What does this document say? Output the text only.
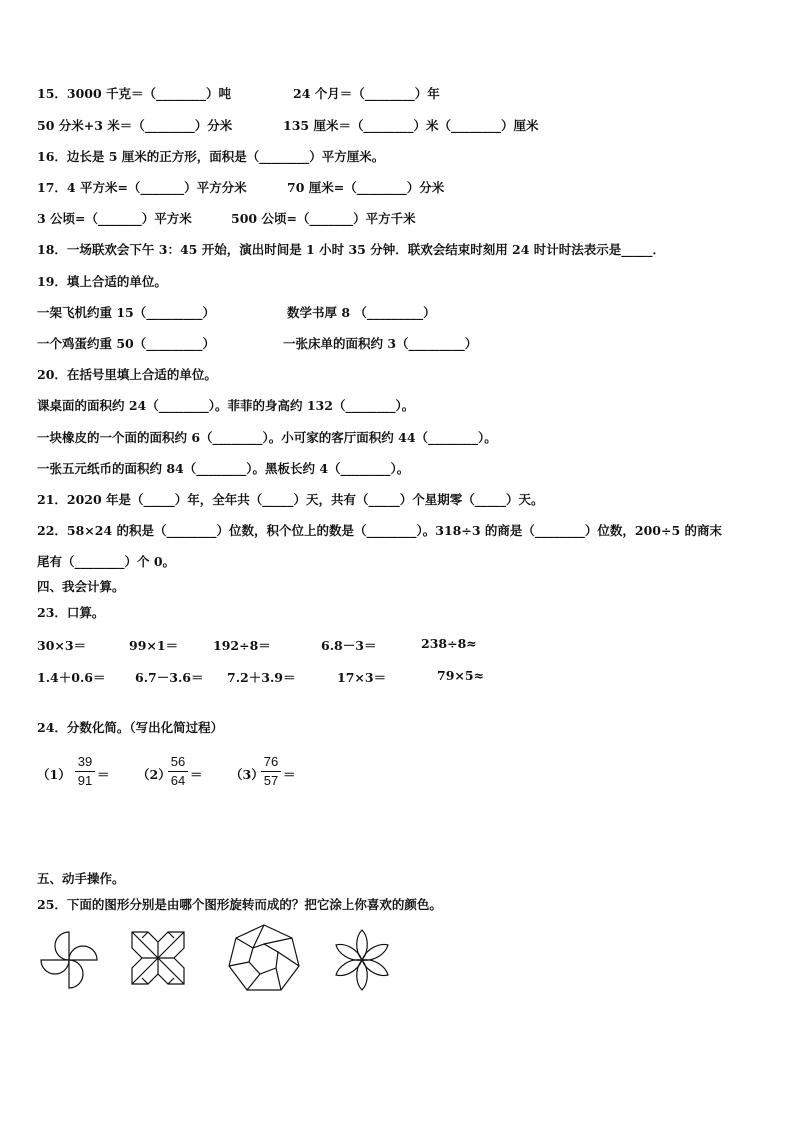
15．3000 千克＝（________）吨	24 个月＝（________）年
50 分米+3 米＝（________）分米	135 厘米＝（________）米（________）厘米
16．边长是 5 厘米的正方形，面积是（________）平方厘米。
17．4 平方米=（_______）平方分米	70 厘米=（________）分米
3 公顷=（_______）平方米	500 公顷=（_______）平方千米
18．一场联欢会下午 3：45 开始，演出时间是 1 小时 35 分钟．联欢会结束时刻用 24 时计时法表示是_____．
19．填上合适的单位。
一架飞机约重 15（_________）	数学书厚 8 （_________）
一个鸡蛋约重 50（_________）	一张床单的面积约 3（_________）
20．在括号里填上合适的单位。
课桌面的面积约 24（________）。菲菲的身高约 132（________）。
一块橡皮的一个面的面积约 6（________）。小可家的客厅面积约 44（________）。
一张五元纸币的面积约 84（________）。黑板长约 4（________）。
21．2020 年是（_____）年，全年共（_____）天，共有（_____）个星期零（_____）天。
22．58×24 的积是（________）位数，积个位上的数是（________）。318÷3 的商是（________）位数，200÷5 的商末
尾有（________）个 0。
四、我会计算。
23．口算。
30×3＝	99×1＝	192÷8＝	6.8－3＝	238÷8≈
1.4＋0.6＝ 6.7－3.6＝ 7.2＋3.9＝	17×3＝	79×5≈
24．分数化简。（写出化简过程）
（1）
39
91 ＝ （2）
56
64 ＝ （3）
76
57 ＝
五、动手操作。
25．下面的图形分别是由哪个图形旋转而成的？把它涂上你喜欢的颜色。
